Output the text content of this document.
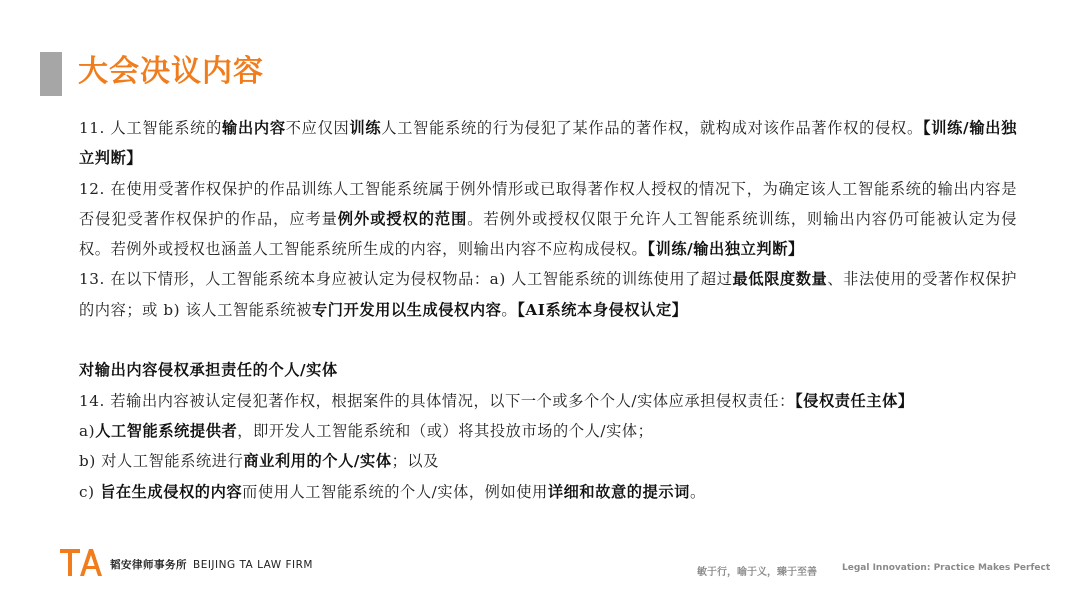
大会决议内容

11. 人工智能系统的输出内容不应仅因训练人工智能系统的行为侵犯了某作品的著作权，就构成对该作品著作权的侵权。【训练/输出独立判断】

12. 在使用受著作权保护的作品训练人工智能系统属于例外情形或已取得著作权人授权的情况下，为确定该人工智能系统的输出内容是否侵犯受著作权保护的作品，应考量例外或授权的范围。若例外或授权仅限于允许人工智能系统训练，则输出内容仍可能被认定为侵权。若例外或授权也涵盖人工智能系统所生成的内容，则输出内容不应构成侵权。【训练/输出独立判断】

13. 在以下情形，人工智能系统本身应被认定为侵权物品：a) 人工智能系统的训练使用了超过最低限度数量、非法使用的受著作权保护的内容；或 b) 该人工智能系统被专门开发用以生成侵权内容。【AI系统本身侵权认定】

对输出内容侵权承担责任的个人/实体

14. 若输出内容被认定侵犯著作权，根据案件的具体情况，以下一个或多个个人/实体应承担侵权责任：【侵权责任主体】

a)人工智能系统提供者，即开发人工智能系统和（或）将其投放市场的个人/实体；

b) 对人工智能系统进行商业利用的个人/实体；以及

c) 旨在生成侵权的内容而使用人工智能系统的个人/实体，例如使用详细和故意的提示词。

韬安律师事务所 BEIJING TA LAW FIRM
敏于行，喻于义，臻于至善	Legal Innovation: Practice Makes Perfect
